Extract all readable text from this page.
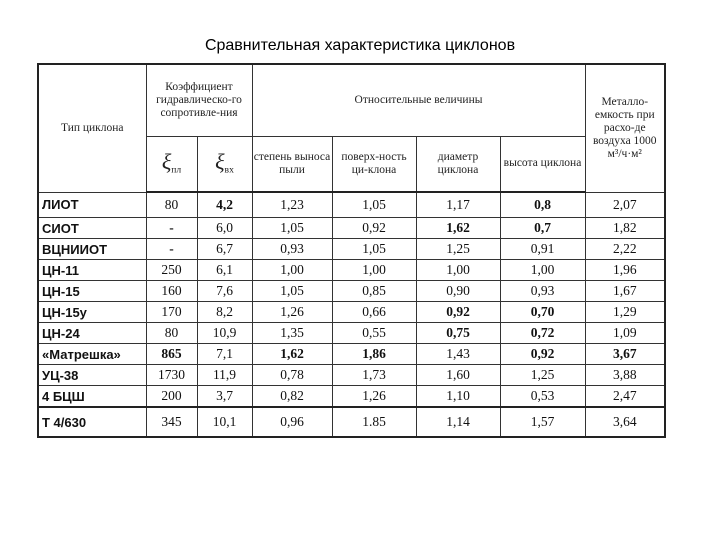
Сравнительная характеристика циклонов
Тип циклона	Коэффициент гидравлическо-го сопротивле-ния		Относительные величины				Металло-емкость при расхо-де воздуха 1000 м³/ч·м²
	$\xi_{пл}$	$\xi_{вх}$	степень выноса пыли	поверх-ность ци-клона	диаметр циклона	высота циклона	
ЛИОТ	80	4,2	1,23	1,05	1,17	0,8	2,07
СИОТ	-	6,0	1,05	0,92	1,62	0,7	1,82
ВЦНИИОТ	-	6,7	0,93	1,05	1,25	0,91	2,22
ЦН-11	250	6,1	1,00	1,00	1,00	1,00	1,96
ЦН-15	160	7,6	1,05	0,85	0,90	0,93	1,67
ЦН-15у	170	8,2	1,26	0,66	0,92	0,70	1,29
ЦН-24	80	10,9	1,35	0,55	0,75	0,72	1,09
«Матрешка»	865	7,1	1,62	1,86	1,43	0,92	3,67
УЦ-38	1730	11,9	0,78	1,73	1,60	1,25	3,88
4 БЦШ	200	3,7	0,82	1,26	1,10	0,53	2,47
Т 4/630	345	10,1	0,96	1.85	1,14	1,57	3,64
